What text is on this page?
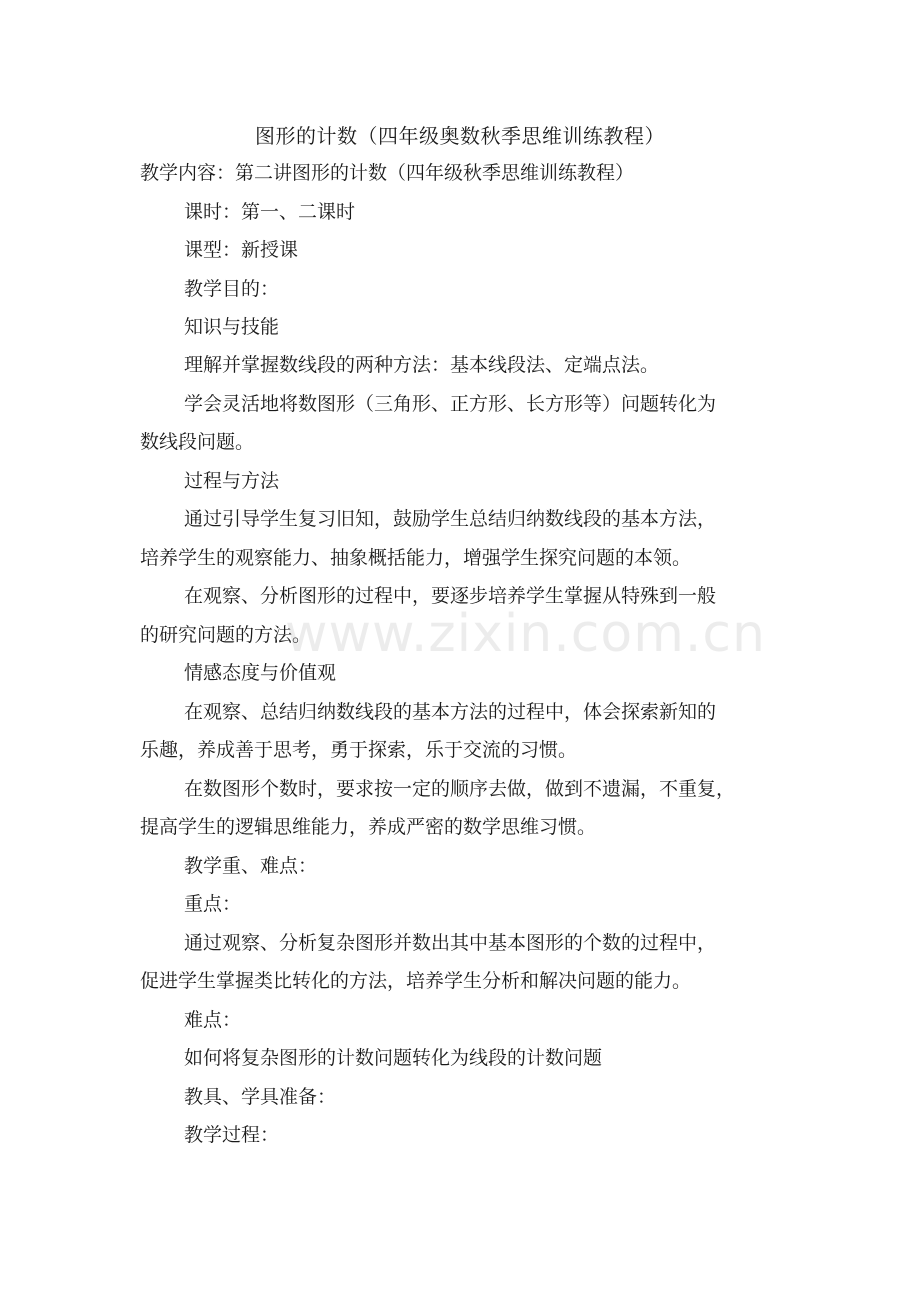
图形的计数（四年级奥数秋季思维训练教程）
教学内容：第二讲图形的计数（四年级秋季思维训练教程）
课时：第一、二课时
课型：新授课
教学目的：
知识与技能
理解并掌握数线段的两种方法：基本线段法、定端点法。
学会灵活地将数图形（三角形、正方形、长方形等）问题转化为
数线段问题。
过程与方法
通过引导学生复习旧知，鼓励学生总结归纳数线段的基本方法，
培养学生的观察能力、抽象概括能力，增强学生探究问题的本领。
在观察、分析图形的过程中，要逐步培养学生掌握从特殊到一般
的研究问题的方法。
情感态度与价值观
在观察、总结归纳数线段的基本方法的过程中，体会探索新知的
乐趣，养成善于思考，勇于探索，乐于交流的习惯。
在数图形个数时，要求按一定的顺序去做，做到不遗漏，不重复，
提高学生的逻辑思维能力，养成严密的数学思维习惯。
教学重、难点：
重点：
通过观察、分析复杂图形并数出其中基本图形的个数的过程中，
促进学生掌握类比转化的方法，培养学生分析和解决问题的能力。
难点：
如何将复杂图形的计数问题转化为线段的计数问题
教具、学具准备：
教学过程：
www.zixin.com.cn
